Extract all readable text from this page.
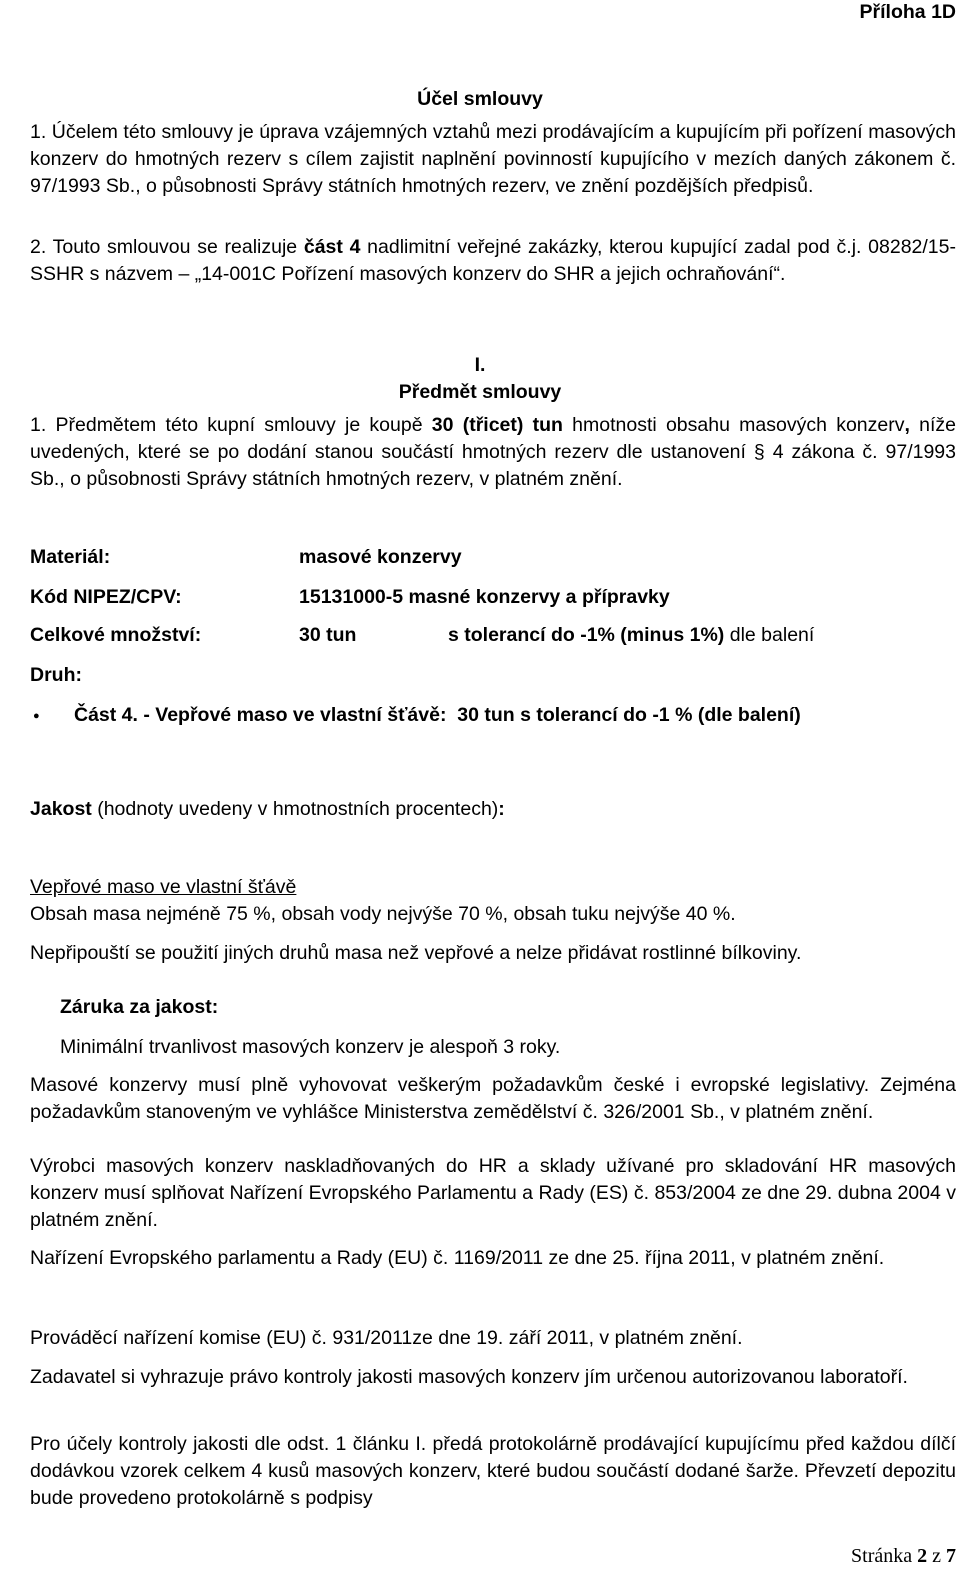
Příloha 1D
Účel smlouvy

1. Účelem této smlouvy je úprava vzájemných vztahů mezi prodávajícím a kupujícím při pořízení masových konzerv do hmotných rezerv s cílem zajistit naplnění povinností kupujícího v mezích daných zákonem č. 97/1993 Sb., o působnosti Správy státních hmotných rezerv, ve znění pozdějších předpisů.

2. Touto smlouvou se realizuje část 4 nadlimitní veřejné zakázky, kterou kupující zadal pod č.j. 08282/15-SSHR s názvem – „14-001C Pořízení masových konzerv do SHR a jejich ochraňování“.

I.
Předmět smlouvy

1. Předmětem této kupní smlouvy je koupě 30 (třicet) tun hmotnosti obsahu masových konzerv, níže uvedených, které se po dodání stanou součástí hmotných rezerv dle ustanovení § 4 zákona č. 97/1993 Sb., o působnosti Správy státních hmotných rezerv, v platném znění.

Materiál:	masové konzervy
Kód NIPEZ/CPV:	15131000-5 masné konzervy a přípravky
Celkové množství:	30 tun	s tolerancí do -1% (minus 1%) dle balení
Druh:
● Část 4. - Vepřové maso ve vlastní šťávě:  30 tun s tolerancí do -1 % (dle balení)
Jakost (hodnoty uvedeny v hmotnostních procentech):
Vepřové maso ve vlastní šťávě
Obsah masa nejméně 75 %, obsah vody nejvýše 70 %, obsah tuku nejvýše 40 %.
Nepřipouští se použití jiných druhů masa než vepřové a nelze přidávat rostlinné bílkoviny.
Záruka za jakost:
Minimální trvanlivost masových konzerv je alespoň 3 roky.

Masové konzervy musí plně vyhovovat veškerým požadavkům české i evropské legislativy. Zejména požadavkům stanoveným ve vyhlášce Ministerstva zemědělství č. 326/2001 Sb., v platném znění.

Výrobci masových konzerv naskladňovaných do HR a sklady užívané pro skladování HR masových konzerv musí splňovat Nařízení Evropského Parlamentu a Rady (ES) č. 853/2004 ze dne 29. dubna 2004 v platném znění.

Nařízení Evropského parlamentu a Rady (EU) č. 1169/2011 ze dne 25. října 2011, v platném znění.

Prováděcí nařízení komise (EU) č. 931/2011ze dne 19. září 2011, v platném znění.

Zadavatel si vyhrazuje právo kontroly jakosti masových konzerv jím určenou autorizovanou laboratoří.

Pro účely kontroly jakosti dle odst. 1 článku I. předá protokolárně prodávající kupujícímu před každou dílčí dodávkou vzorek celkem 4 kusů masových konzerv, které budou součástí dodané šarže. Převzetí depozitu bude provedeno protokolárně s podpisy

Stránka 2 z 7
